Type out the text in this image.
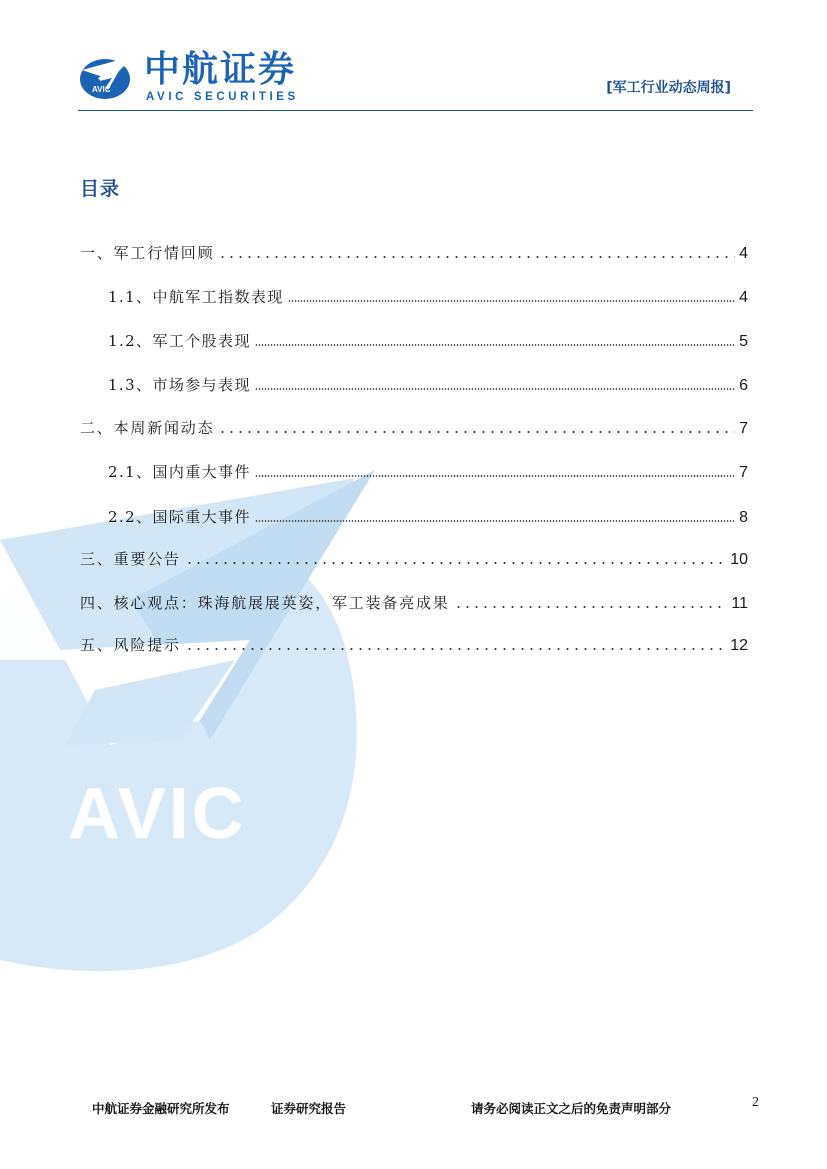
AVIC
AVIC 中航证券
AVIC SECURITIES
[军工行业动态周报]
目录
一、军工行情回顾	4
1.1、中航军工指数表现	4
1.2、军工个股表现	5
1.3、市场参与表现	6
二、本周新闻动态	7
2.1、国内重大事件	7
2.2、国际重大事件	8
三、重要公告	10
四、核心观点：珠海航展展英姿，军工装备亮成果	11
五、风险提示	12
中航证券金融研究所发布	证券研究报告	请务必阅读正文之后的免责声明部分	2
